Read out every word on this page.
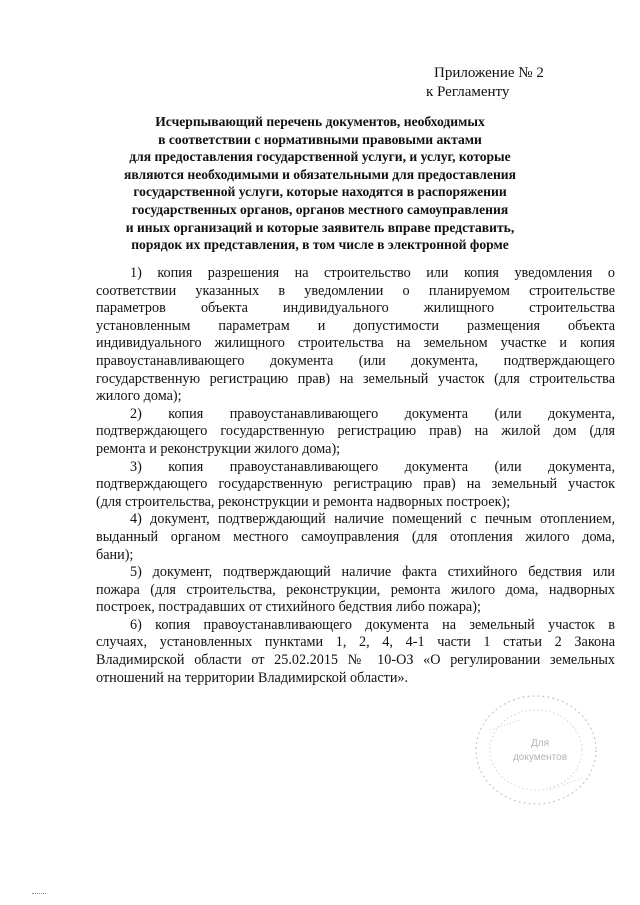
Приложение № 2
к Регламенту
Исчерпывающий перечень документов, необходимых
в соответствии с нормативными правовыми актами
для предоставления государственной услуги, и услуг, которые
являются необходимыми и обязательными для предоставления
государственной услуги, которые находятся в распоряжении
государственных органов, органов местного самоуправления
и иных организаций и которые заявитель вправе представить,
порядок их представления, в том числе в электронной форме
1) копия разрешения на строительство или копия уведомления о
соответствии указанных в уведомлении о планируемом строительстве
параметров объекта индивидуального жилищного строительства
установленным параметрам и допустимости размещения объекта
индивидуального жилищного строительства на земельном участке и копия
правоустанавливающего документа (или документа, подтверждающего
государственную регистрацию прав) на земельный участок (для строительства
жилого дома);
2) копия правоустанавливающего документа (или документа,
подтверждающего государственную регистрацию прав) на жилой дом (для
ремонта и реконструкции жилого дома);
3) копия правоустанавливающего документа (или документа,
подтверждающего государственную регистрацию прав) на земельный участок
(для строительства, реконструкции и ремонта надворных построек);
4) документ, подтверждающий наличие помещений с печным отоплением,
выданный органом местного самоуправления (для отопления жилого дома,
бани);
5) документ, подтверждающий наличие факта стихийного бедствия или
пожара (для строительства, реконструкции, ремонта жилого дома, надворных
построек, пострадавших от стихийного бедствия либо пожара);
6) копия правоустанавливающего документа на земельный участок в
случаях, установленных пунктами 1, 2, 4, 4-1 части 1 статьи 2 Закона
Владимирской области от 25.02.2015 № 10-ОЗ «О регулировании земельных
отношений на территории Владимирской области».
Для
документов
